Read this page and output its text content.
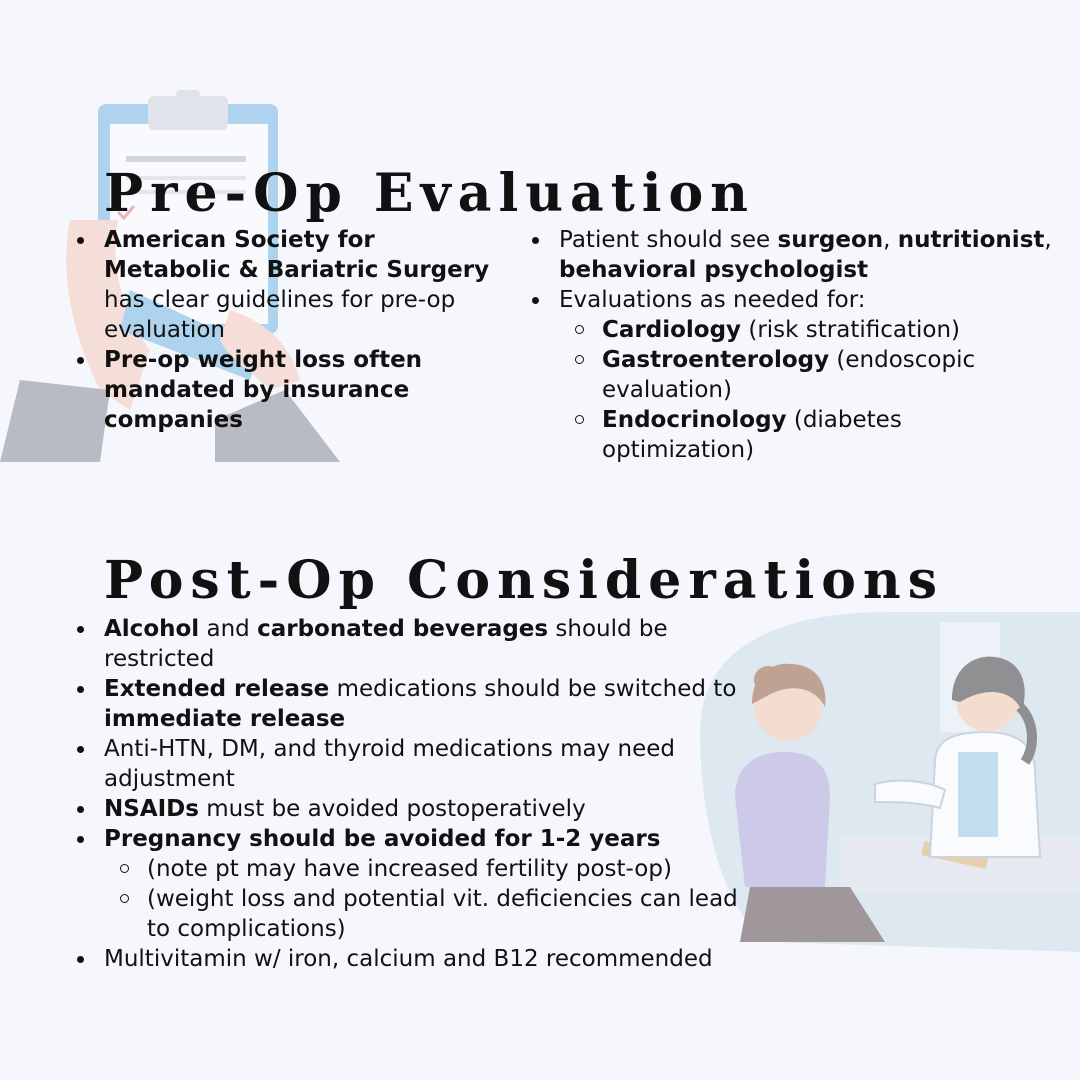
Pre-Op Evaluation
American Society for Metabolic & Bariatric Surgery has clear guidelines for pre-op evaluation
Pre-op weight loss often mandated by insurance companies
Patient should see surgeon, nutritionist, behavioral psychologist
Evaluations as needed for:
Cardiology (risk stratification)
Gastroenterology (endoscopic evaluation)
Endocrinology (diabetes optimization)
Post-Op Considerations
Alcohol and carbonated beverages should be restricted
Extended release medications should be switched to immediate release
Anti-HTN, DM, and thyroid medications may need adjustment
NSAIDs must be avoided postoperatively
Pregnancy should be avoided for 1-2 years
(note pt may have increased fertility post-op)
(weight loss and potential vit. deficiencies can lead to complications)
Multivitamin w/ iron, calcium and B12 recommended
